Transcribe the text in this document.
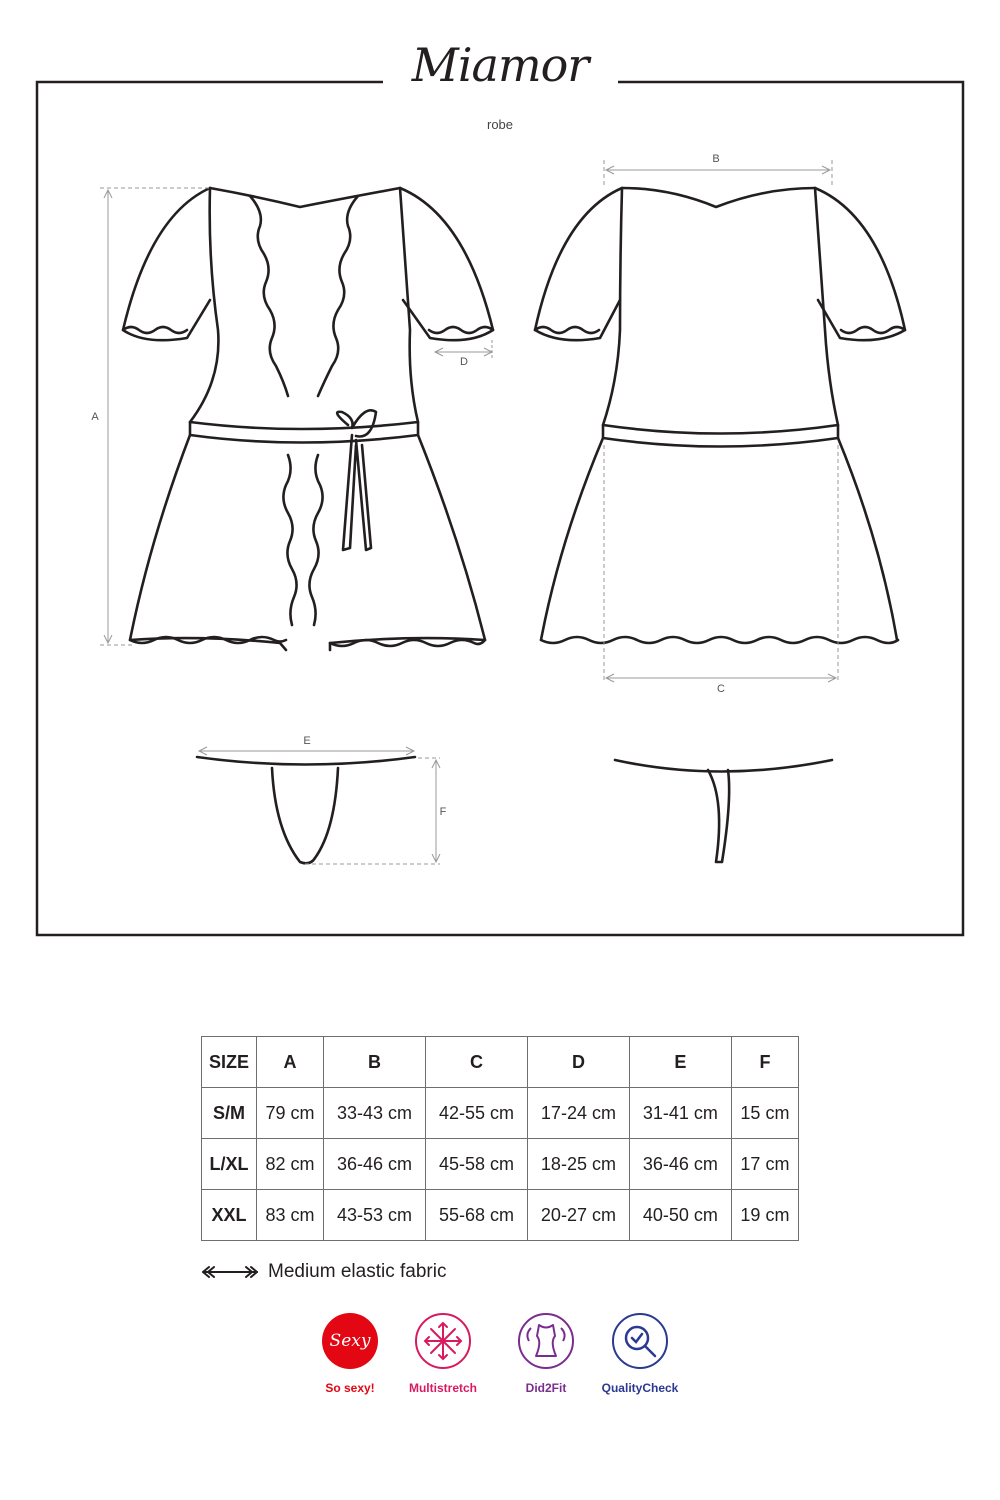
Miamor
robe
A
B
C
D
E
F
SIZE	A	B	C	D	E	F
S/M	79 cm	33-43 cm	42-55 cm	17-24 cm	31-41 cm	15 cm
L/XL	82 cm	36-46 cm	45-58 cm	18-25 cm	36-46 cm	17 cm
XXL	83 cm	43-53 cm	55-68 cm	20-27 cm	40-50 cm	19 cm
Medium elastic fabric
Sexy
So sexy!	Multistretch	Did2Fit	QualityCheck
